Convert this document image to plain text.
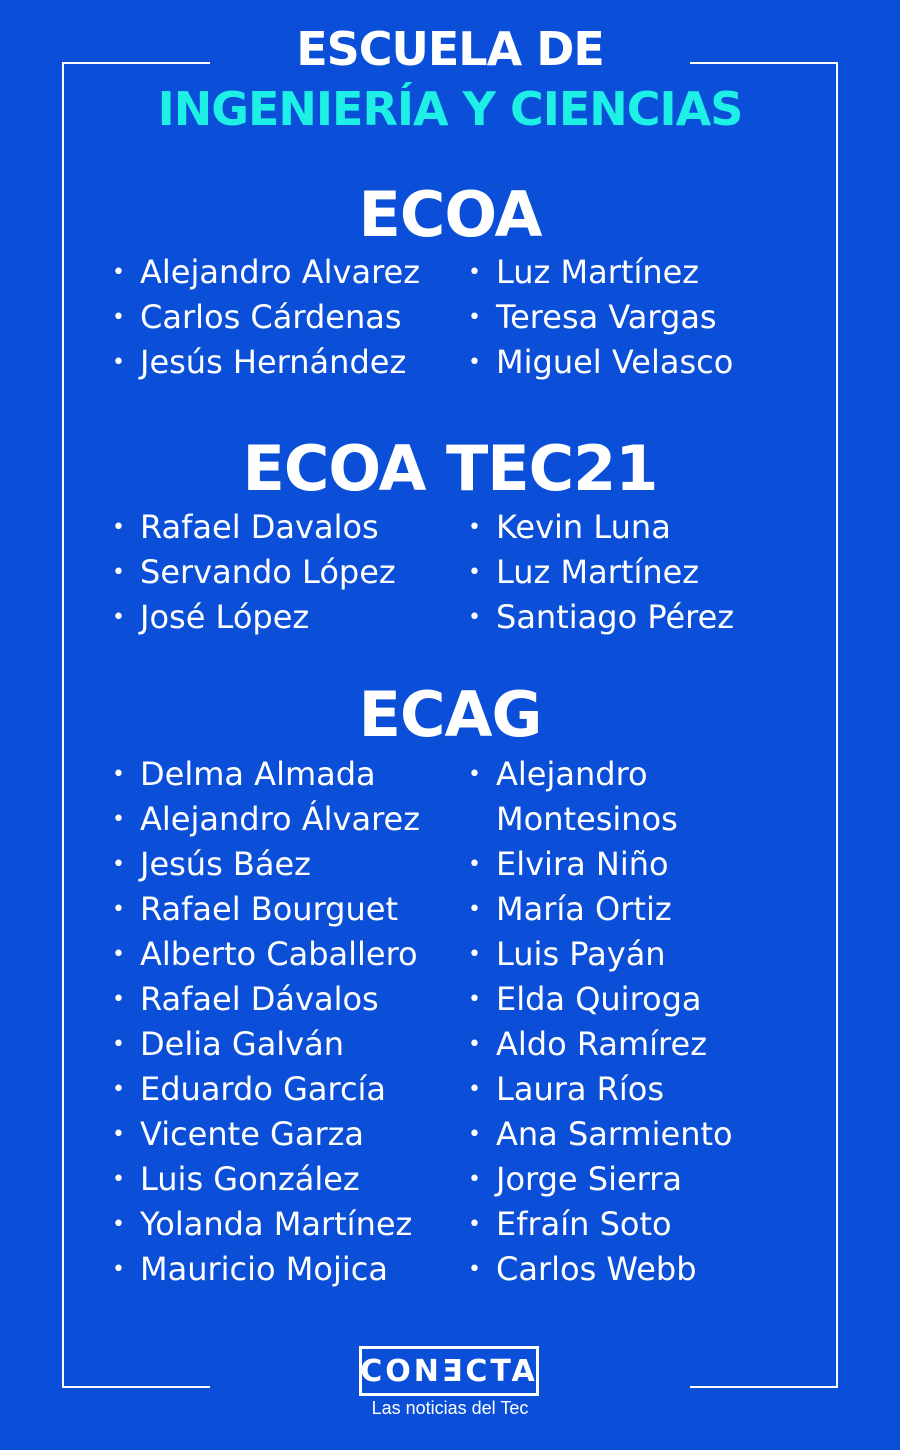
ESCUELA DE
INGENIERÍA Y CIENCIAS
ECOA
• Alejandro Alvarez
• Carlos Cárdenas
• Jesús Hernández
• Luz Martínez
• Teresa Vargas
• Miguel Velasco
ECOA TEC21
• Rafael Davalos
• Servando López
• José López
• Kevin Luna
• Luz Martínez
• Santiago Pérez
ECAG
• Delma Almada
• Alejandro Álvarez
• Jesús Báez
• Rafael Bourguet
• Alberto Caballero
• Rafael Dávalos
• Delia Galván
• Eduardo García
• Vicente Garza
• Luis González
• Yolanda Martínez
• Mauricio Mojica
• Alejandro
Montesinos
• Elvira Niño
• María Ortiz
• Luis Payán
• Elda Quiroga
• Aldo Ramírez
• Laura Ríos
• Ana Sarmiento
• Jorge Sierra
• Efraín Soto
• Carlos Webb
CONƎCTA
Las noticias del Tec
